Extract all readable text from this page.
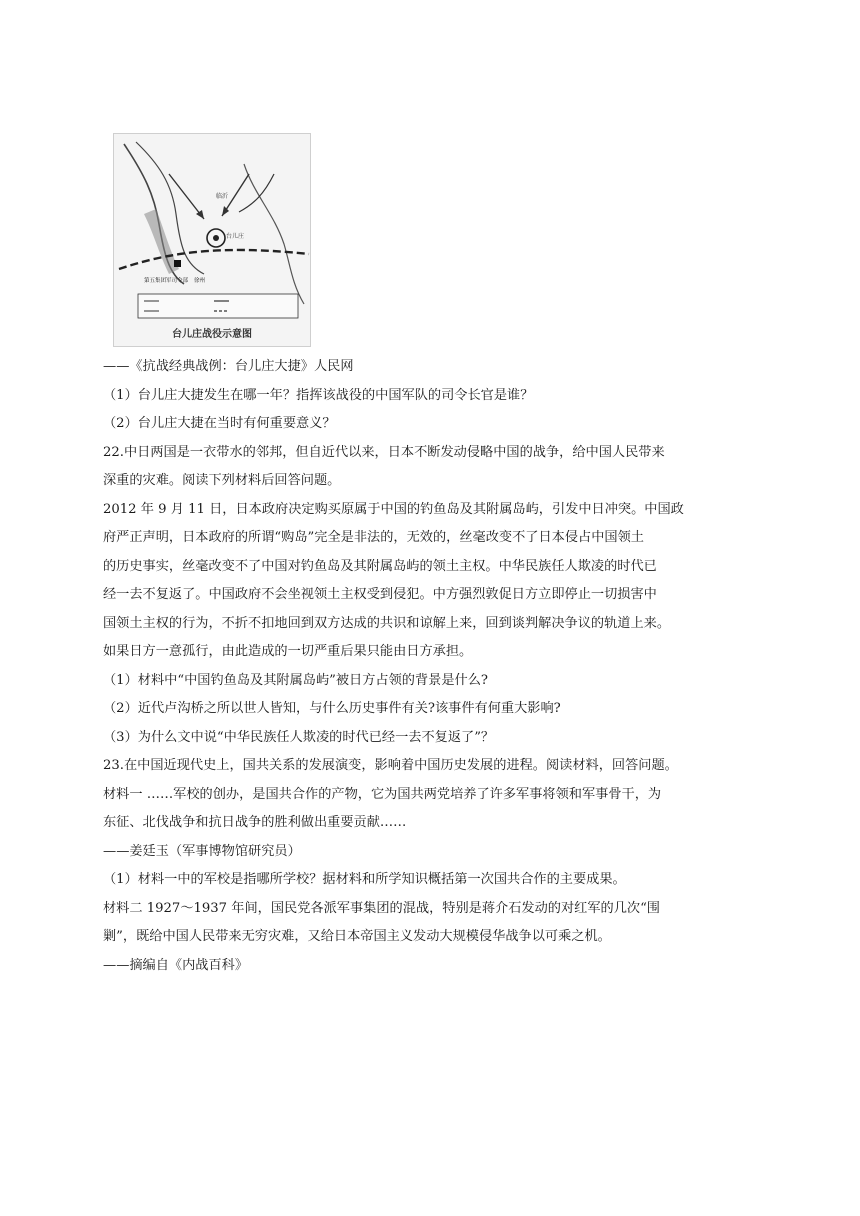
临沂
台儿庄
第五集团军司令部 徐州
台儿庄战役示意图
——《抗战经典战例：台儿庄大捷》人民网
（1）台儿庄大捷发生在哪一年？指挥该战役的中国军队的司令长官是谁？
（2）台儿庄大捷在当时有何重要意义？
22.中日两国是一衣带水的邻邦，但自近代以来，日本不断发动侵略中国的战争，给中国人民带来
深重的灾难。阅读下列材料后回答问题。
2012 年 9 月 11 日，日本政府决定购买原属于中国的钓鱼岛及其附属岛屿，引发中日冲突。中国政
府严正声明，日本政府的所谓“购岛”完全是非法的，无效的，丝毫改变不了日本侵占中国领土
的历史事实，丝毫改变不了中国对钓鱼岛及其附属岛屿的领土主权。中华民族任人欺凌的时代已
经一去不复返了。中国政府不会坐视领土主权受到侵犯。中方强烈敦促日方立即停止一切损害中
国领土主权的行为，不折不扣地回到双方达成的共识和谅解上来，回到谈判解决争议的轨道上来。
如果日方一意孤行，由此造成的一切严重后果只能由日方承担。
（1）材料中“中国钓鱼岛及其附属岛屿”被日方占领的背景是什么?
（2）近代卢沟桥之所以世人皆知，与什么历史事件有关?该事件有何重大影响?
（3）为什么文中说“中华民族任人欺凌的时代已经一去不复返了”？
23.在中国近现代史上，国共关系的发展演变，影响着中国历史发展的进程。阅读材料，回答问题。
材料一 ……军校的创办，是国共合作的产物，它为国共两党培养了许多军事将领和军事骨干，为
东征、北伐战争和抗日战争的胜利做出重要贡献……
——姜廷玉（军事博物馆研究员）
（1）材料一中的军校是指哪所学校？据材料和所学知识概括第一次国共合作的主要成果。
材料二 1927～1937 年间，国民党各派军事集团的混战，特别是蒋介石发动的对红军的几次“围
剿”，既给中国人民带来无穷灾难，又给日本帝国主义发动大规模侵华战争以可乘之机。
——摘编自《内战百科》
